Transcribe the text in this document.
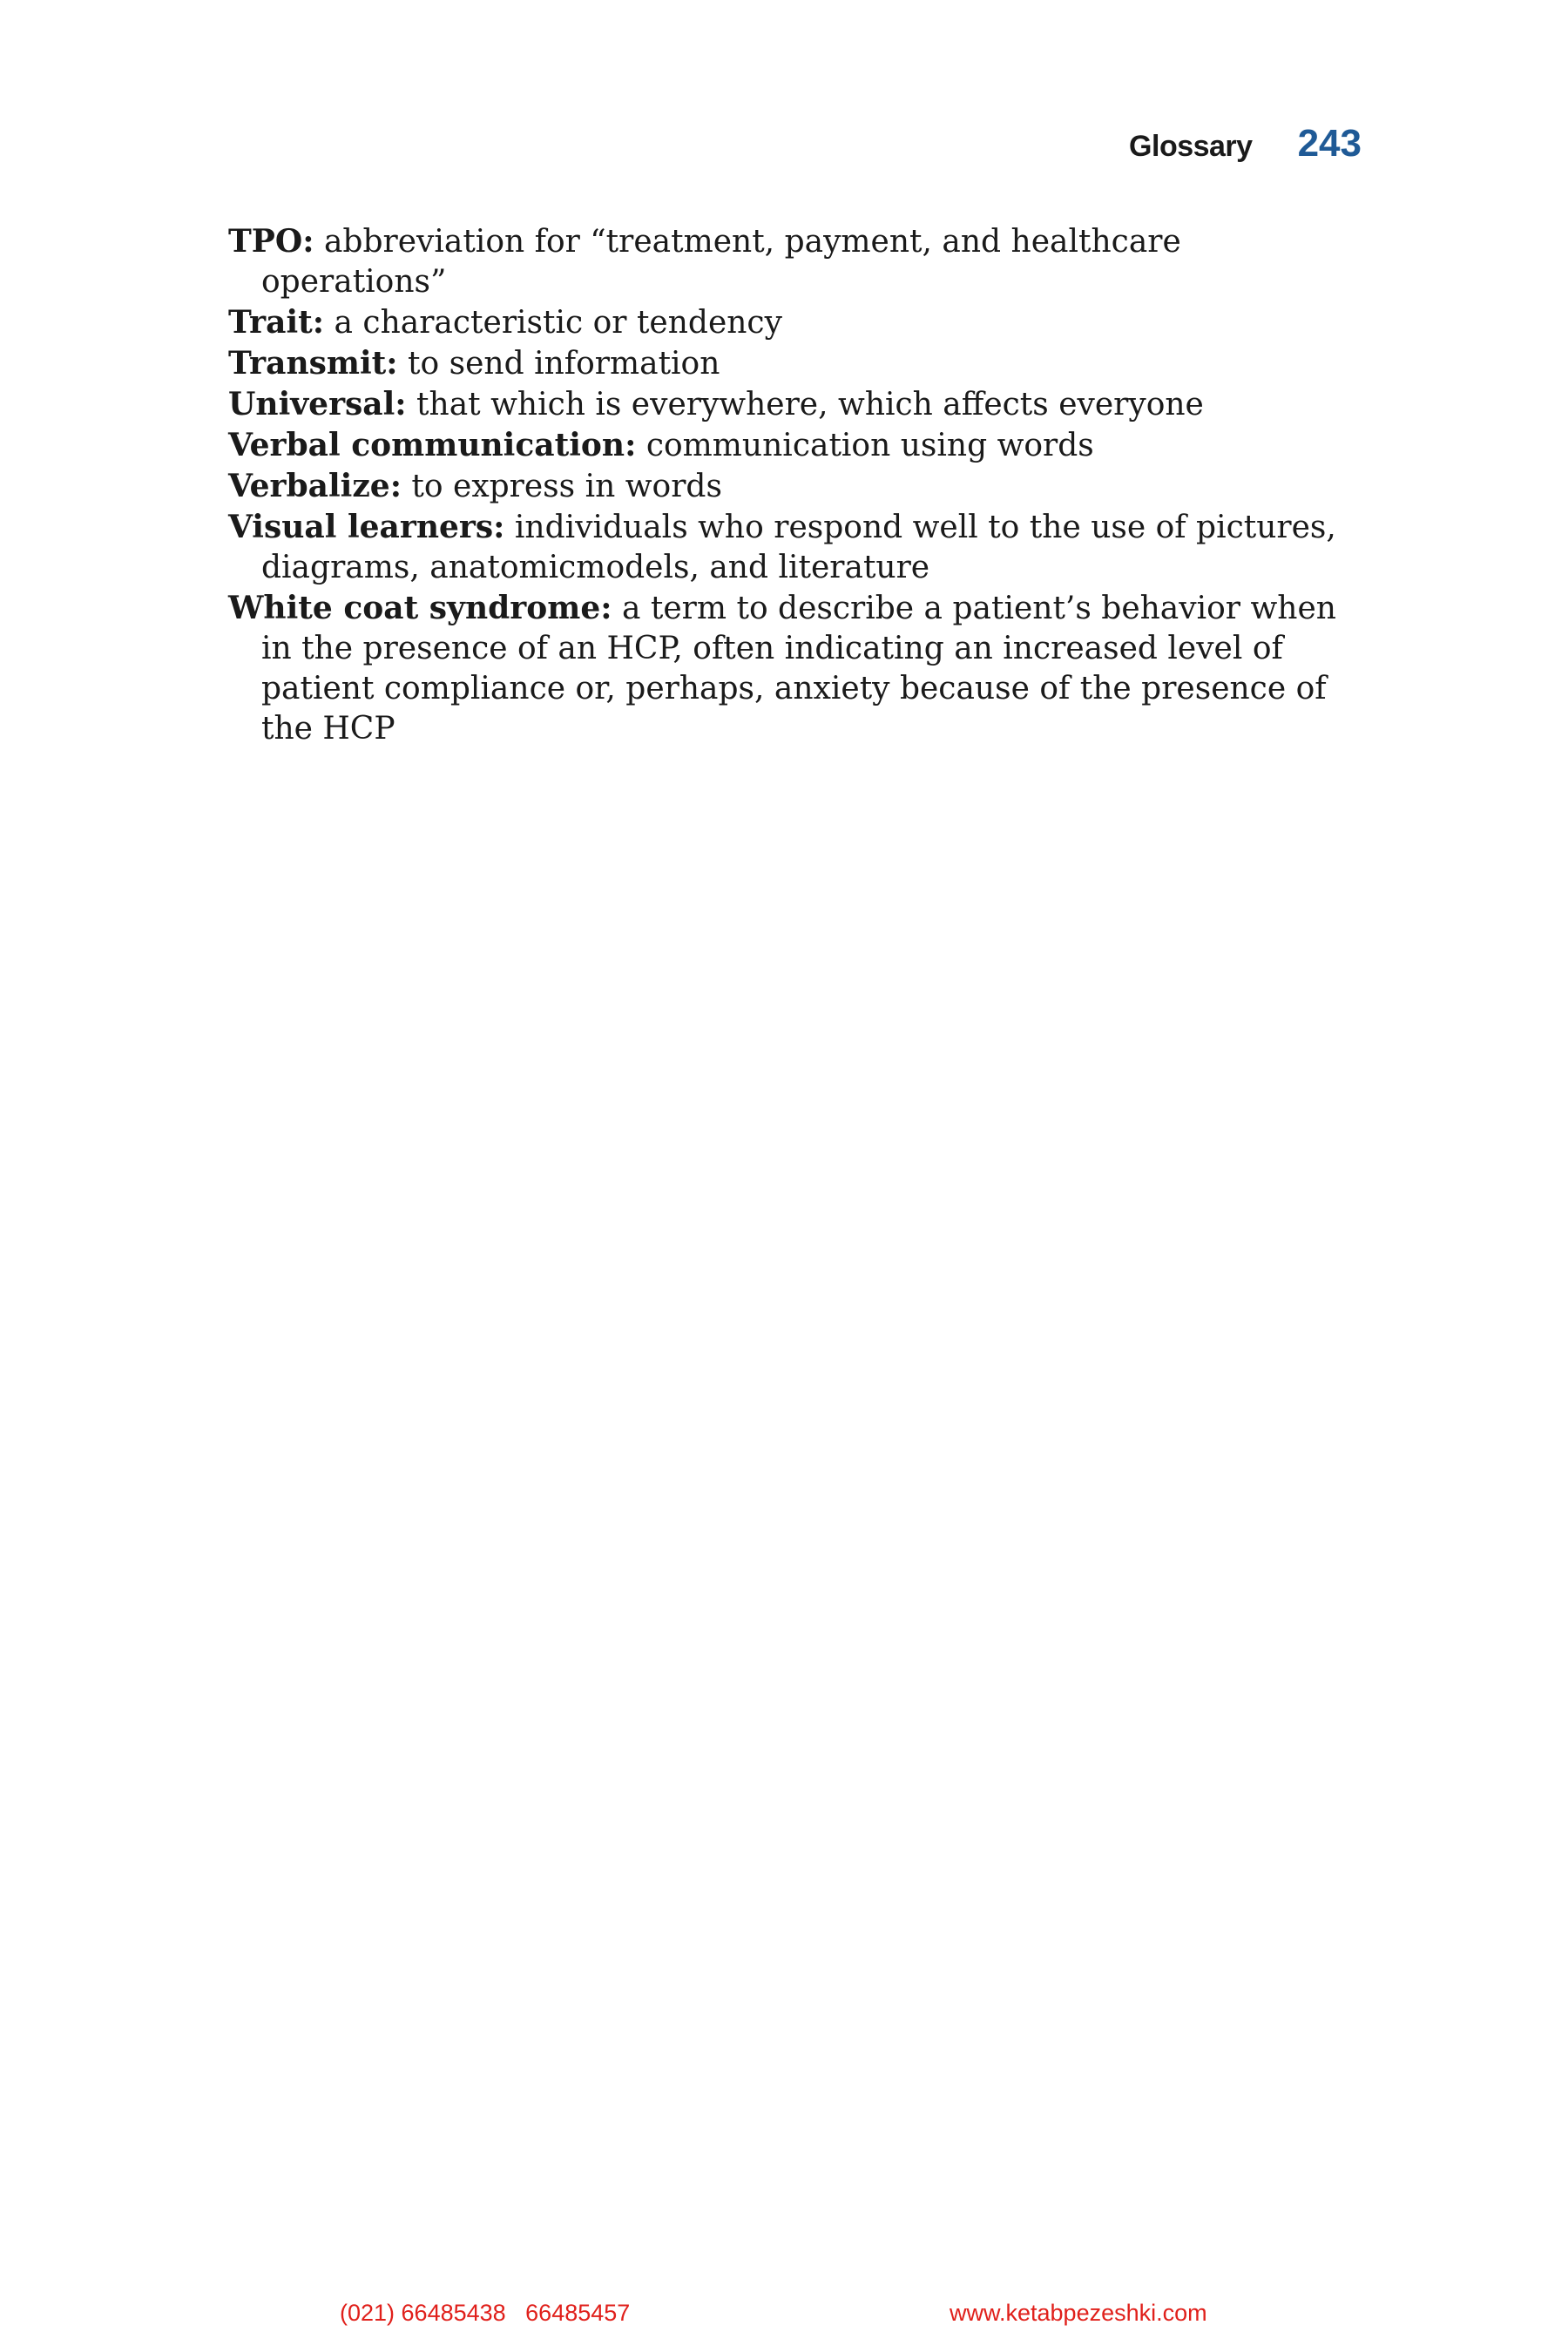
Glossary 243
TPO: abbreviation for “treatment, payment, and healthcare operations”
Trait: a characteristic or tendency
Transmit: to send information
Universal: that which is everywhere, which affects everyone
Verbal communication: communication using words
Verbalize: to express in words
Visual learners: individuals who respond well to the use of pictures, diagrams, anatomicmodels, and literature
White coat syndrome: a term to describe a patient’s behavior when in the presence of an HCP, often indicating an increased level of patient compliance or, perhaps, anxiety because of the presence of the HCP
(021) 66485438   66485457	www.ketabpezeshki.com
